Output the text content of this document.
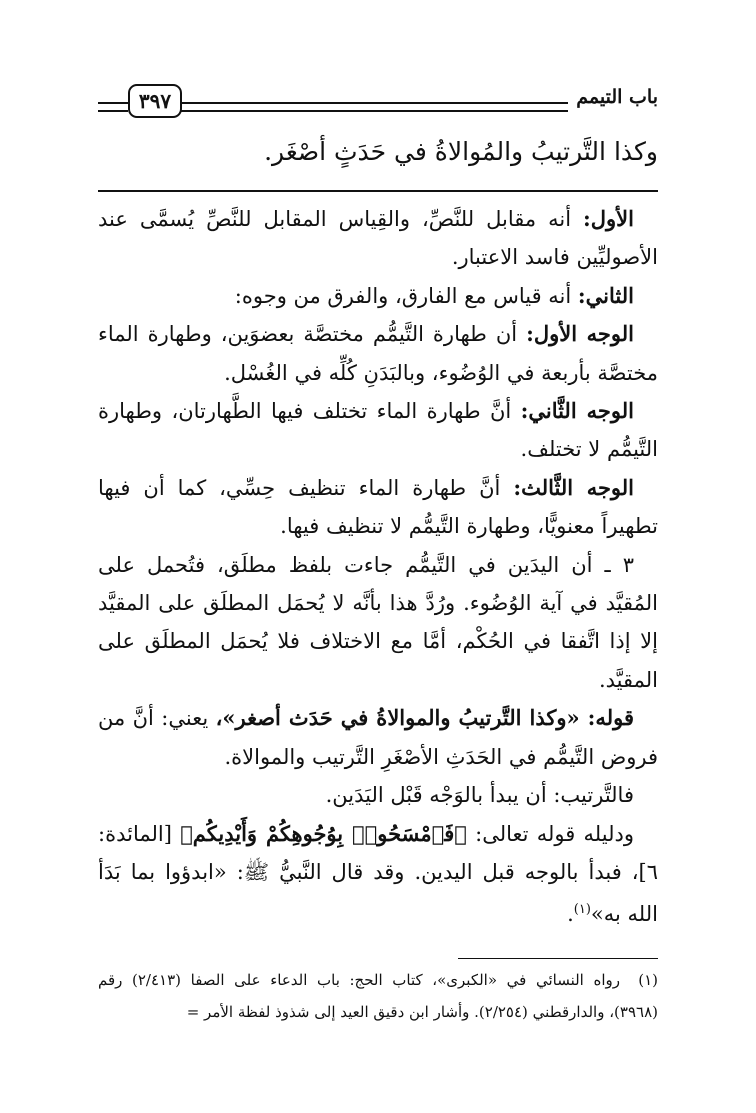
باب التيمم
٣٩٧
وكذا التَّرتيبُ والمُوالاةُ في حَدَثٍ أصْغَر.

الأول: أنه مقابل للنَّصِّ، والقِياس المقابل للنَّصِّ يُسمَّى عند الأصوليِّين فاسد الاعتبار.

الثاني: أنه قياس مع الفارق، والفرق من وجوه:

الوجه الأول: أن طهارة التَّيمُّم مختصَّة بعضوَين، وطهارة الماء مختصَّة بأربعة في الوُضُوء، وبالبَدَنِ كُلِّه في الغُسْل.

الوجه الثَّاني: أنَّ طهارة الماء تختلف فيها الطَّهارتان، وطهارة التَّيمُّم لا تختلف.

الوجه الثَّالث: أنَّ طهارة الماء تنظيف حِسِّي، كما أن فيها تطهيراً معنويًّا، وطهارة التَّيمُّم لا تنظيف فيها.

٣ ـ أن اليدَين في التَّيمُّم جاءت بلفظ مطلَق، فتُحمل على المُقيَّد في آية الوُضُوء. ورُدَّ هذا بأنَّه لا يُحمَل المطلَق على المقيَّد إلا إذا اتَّفقا في الحُكْم، أمَّا مع الاختلاف فلا يُحمَل المطلَق على المقيَّد.

قوله: «وكذا التَّرتيبُ والموالاةُ في حَدَث أصغر»، يعني: أنَّ من فروض التَّيمُّم في الحَدَثِ الأصْغَرِ التَّرتيب والموالاة.

فالتَّرتيب: أن يبدأ بالوَجْه قَبْل اليَدَين.

ودليله قوله تعالى: ﴿فَٱمْسَحُوا۟ بِوُجُوهِكُمْ وَأَيْدِيكُم﴾ [المائدة: ٦]، فبدأ بالوجه قبل اليدين. وقد قال النَّبيُّ ﷺ: «ابدؤوا بما بَدَأ الله به»$^{(١)}$.

(١)رواه النسائي في «الكبرى»، كتاب الحج: باب الدعاء على الصفا (٢/٤١٣) رقم (٣٩٦٨)، والدارقطني (٢/٢٥٤). وأشار ابن دقيق العيد إلى شذوذ لفظة الأمر =
